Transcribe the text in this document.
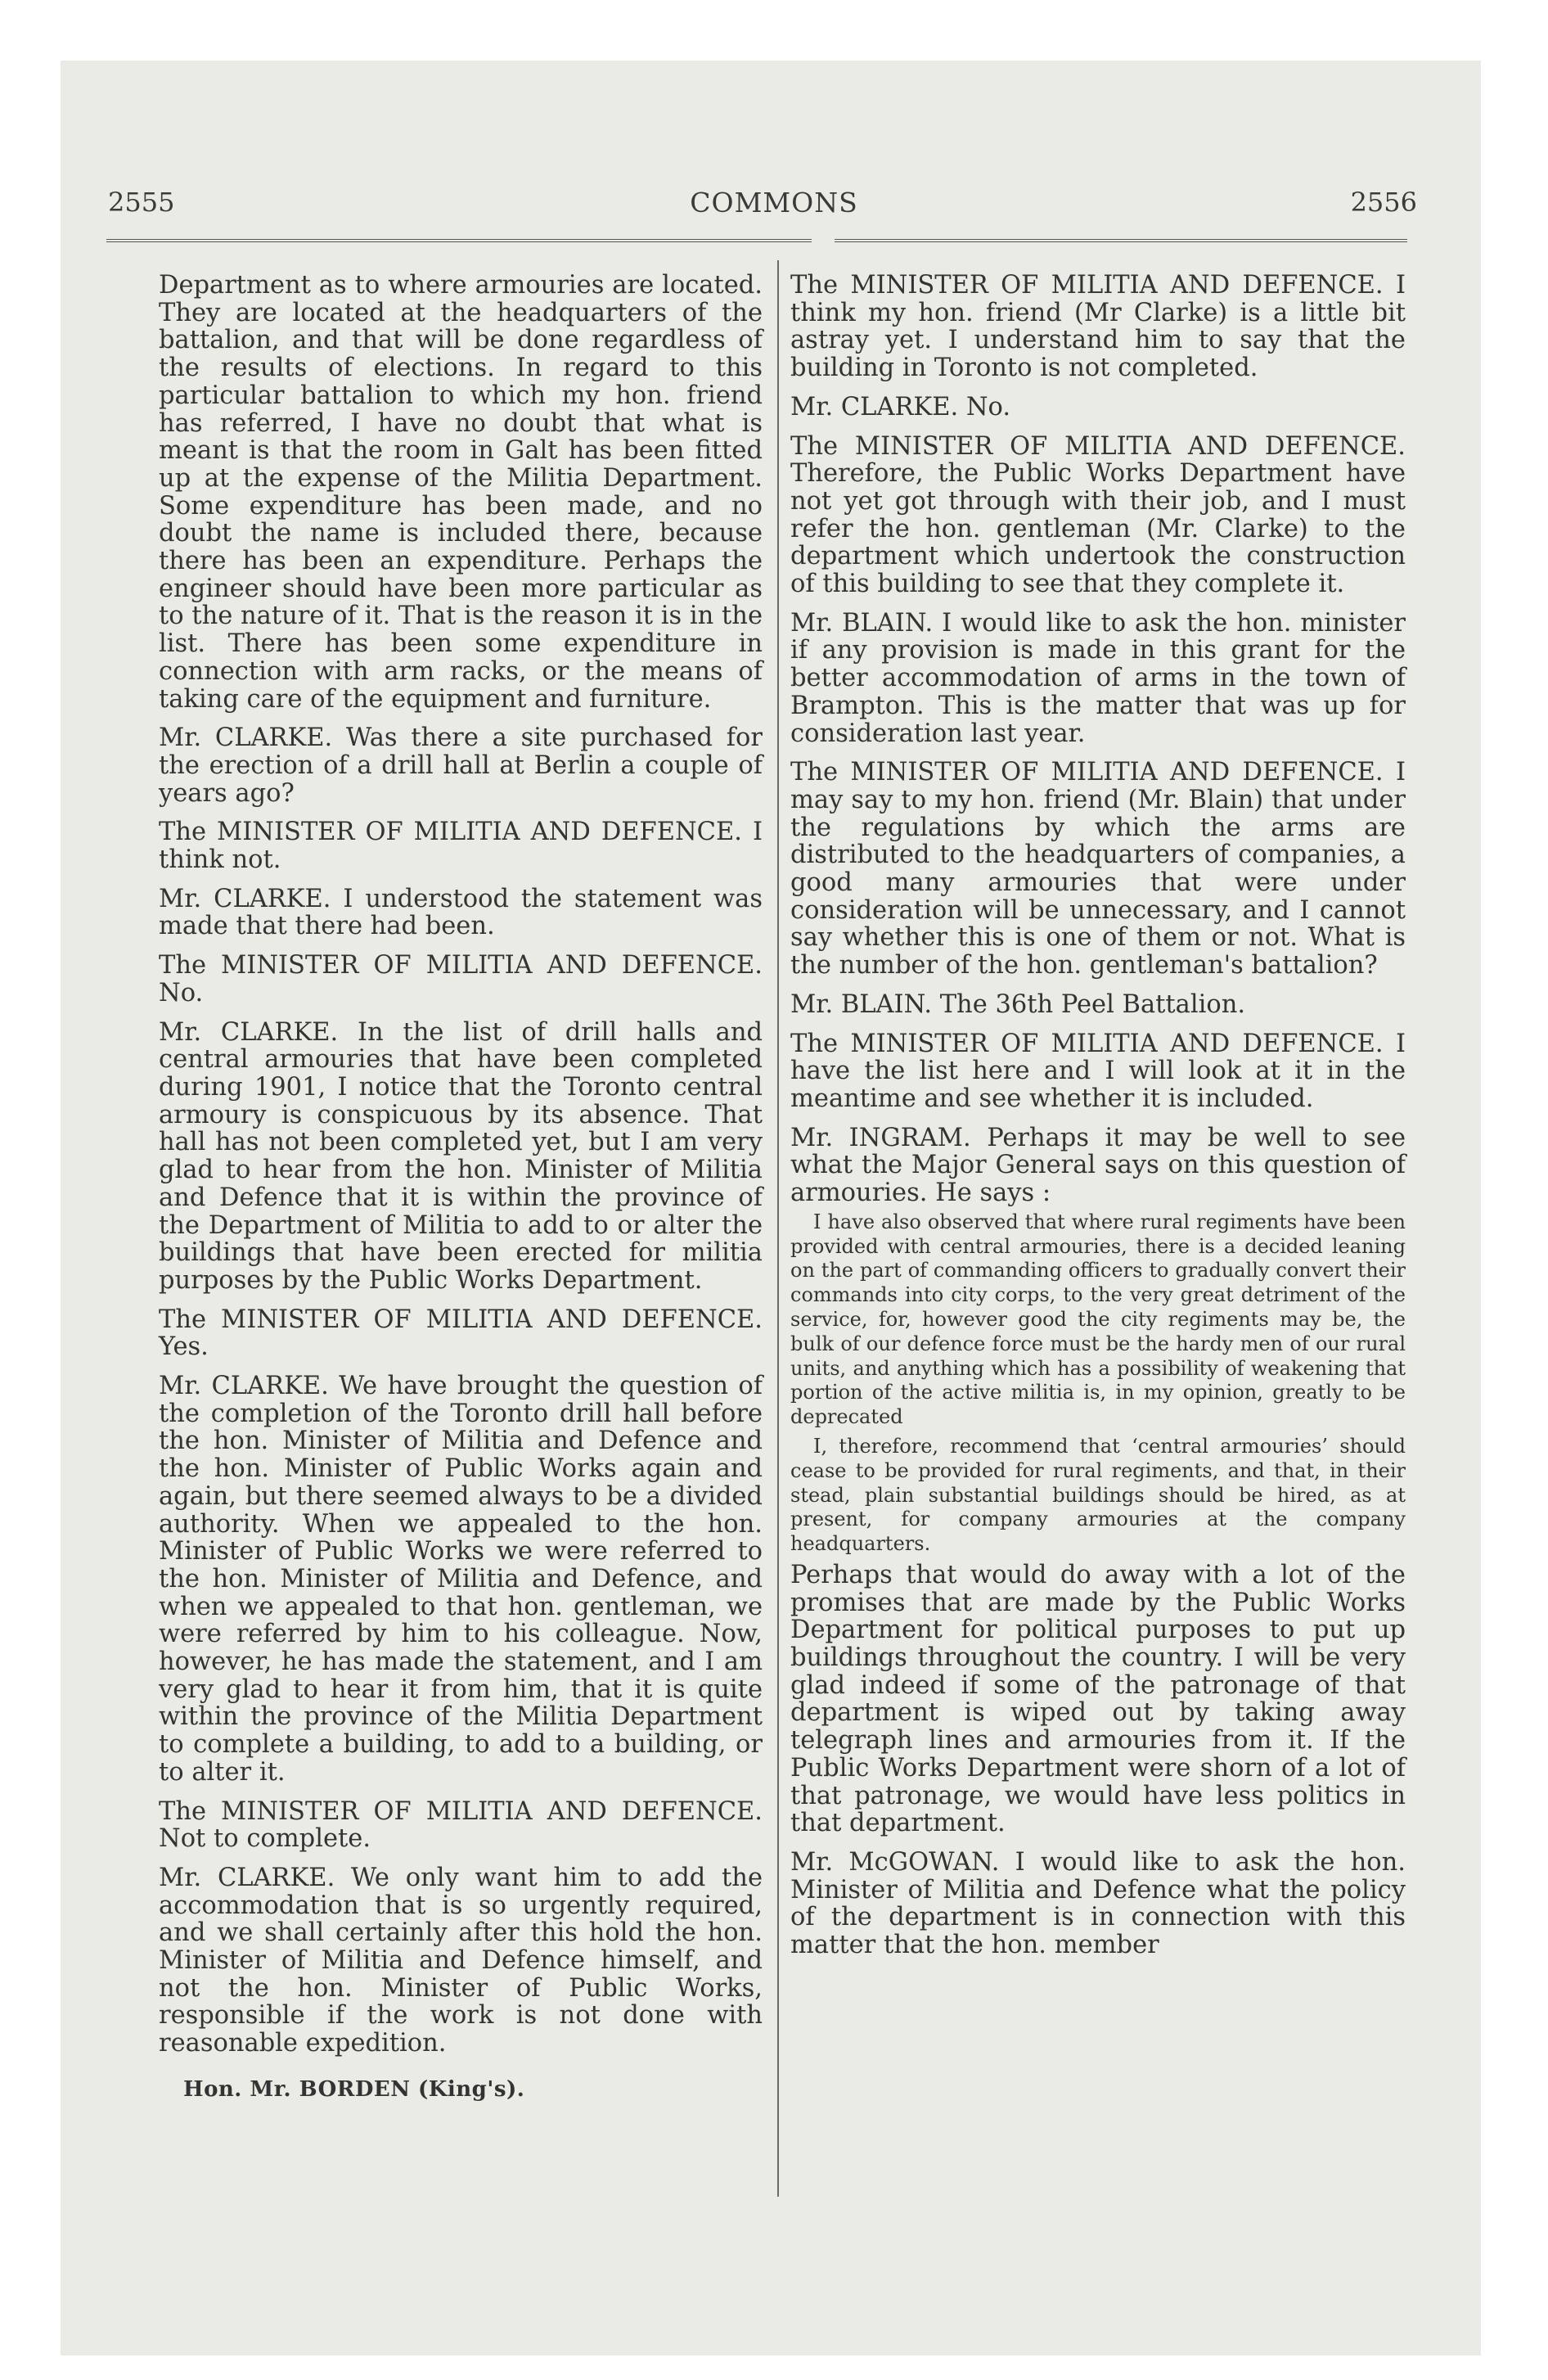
2555	COMMONS	2556

Department as to where armouries are located. They are located at the headquarters of the battalion, and that will be done regardless of the results of elections. In regard to this particular battalion to which my hon. friend has referred, I have no doubt that what is meant is that the room in Galt has been fitted up at the expense of the Militia Department. Some expenditure has been made, and no doubt the name is included there, because there has been an expenditure. Perhaps the engineer should have been more particular as to the nature of it. That is the reason it is in the list. There has been some expenditure in connection with arm racks, or the means of taking care of the equipment and furniture.

Mr. CLARKE. Was there a site purchased for the erection of a drill hall at Berlin a couple of years ago?

The MINISTER OF MILITIA AND DEFENCE. I think not.

Mr. CLARKE. I understood the statement was made that there had been.

The MINISTER OF MILITIA AND DEFENCE. No.

Mr. CLARKE. In the list of drill halls and central armouries that have been completed during 1901, I notice that the Toronto central armoury is conspicuous by its absence. That hall has not been completed yet, but I am very glad to hear from the hon. Minister of Militia and Defence that it is within the province of the Department of Militia to add to or alter the buildings that have been erected for militia purposes by the Public Works Department.

The MINISTER OF MILITIA AND DEFENCE. Yes.

Mr. CLARKE. We have brought the question of the completion of the Toronto drill hall before the hon. Minister of Militia and Defence and the hon. Minister of Public Works again and again, but there seemed always to be a divided authority. When we appealed to the hon. Minister of Public Works we were referred to the hon. Minister of Militia and Defence, and when we appealed to that hon. gentleman, we were referred by him to his colleague. Now, however, he has made the statement, and I am very glad to hear it from him, that it is quite within the province of the Militia Department to complete a building, to add to a building, or to alter it.

The MINISTER OF MILITIA AND DEFENCE. Not to complete.

Mr. CLARKE. We only want him to add the accommodation that is so urgently required, and we shall certainly after this hold the hon. Minister of Militia and Defence himself, and not the hon. Minister of Public Works, responsible if the work is not done with reasonable expedition.

Hon. Mr. BORDEN (King's).

The MINISTER OF MILITIA AND DEFENCE. I think my hon. friend (Mr Clarke) is a little bit astray yet. I understand him to say that the building in Toronto is not completed.

Mr. CLARKE. No.

The MINISTER OF MILITIA AND DEFENCE. Therefore, the Public Works Department have not yet got through with their job, and I must refer the hon. gentleman (Mr. Clarke) to the department which undertook the construction of this building to see that they complete it.

Mr. BLAIN. I would like to ask the hon. minister if any provision is made in this grant for the better accommodation of arms in the town of Brampton. This is the matter that was up for consideration last year.

The MINISTER OF MILITIA AND DEFENCE. I may say to my hon. friend (Mr. Blain) that under the regulations by which the arms are distributed to the headquarters of companies, a good many armouries that were under consideration will be unnecessary, and I cannot say whether this is one of them or not. What is the number of the hon. gentleman's battalion?

Mr. BLAIN. The 36th Peel Battalion.

The MINISTER OF MILITIA AND DEFENCE. I have the list here and I will look at it in the meantime and see whether it is included.

Mr. INGRAM. Perhaps it may be well to see what the Major General says on this question of armouries. He says :

I have also observed that where rural regiments have been provided with central armouries, there is a decided leaning on the part of commanding officers to gradually convert their commands into city corps, to the very great detriment of the service, for, however good the city regiments may be, the bulk of our defence force must be the hardy men of our rural units, and anything which has a possibility of weakening that portion of the active militia is, in my opinion, greatly to be deprecated

I, therefore, recommend that ‘central armouries’ should cease to be provided for rural regiments, and that, in their stead, plain substantial buildings should be hired, as at present, for company armouries at the company headquarters.

Perhaps that would do away with a lot of the promises that are made by the Public Works Department for political purposes to put up buildings throughout the country. I will be very glad indeed if some of the patronage of that department is wiped out by taking away telegraph lines and armouries from it. If the Public Works Department were shorn of a lot of that patronage, we would have less politics in that department.

Mr. McGOWAN. I would like to ask the hon. Minister of Militia and Defence what the policy of the department is in connection with this matter that the hon. member
